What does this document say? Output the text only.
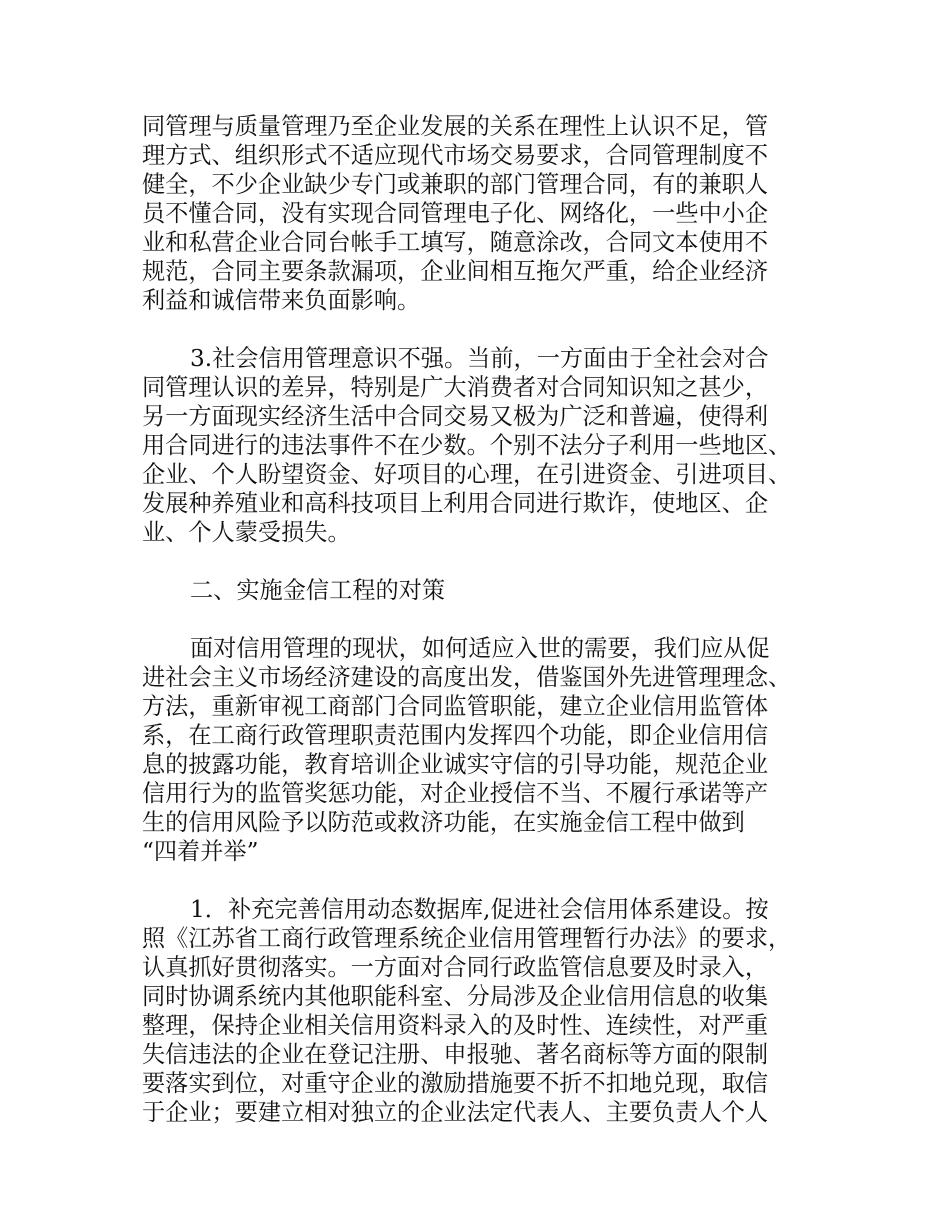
同管理与质量管理乃至企业发展的关系在理性上认识不足，管
理方式、组织形式不适应现代市场交易要求，合同管理制度不
健全，不少企业缺少专门或兼职的部门管理合同，有的兼职人
员不懂合同，没有实现合同管理电子化、网络化，一些中小企
业和私营企业合同台帐手工填写，随意涂改，合同文本使用不
规范，合同主要条款漏项，企业间相互拖欠严重，给企业经济
利益和诚信带来负面影响。
3.社会信用管理意识不强。当前，一方面由于全社会对合
同管理认识的差异，特别是广大消费者对合同知识知之甚少，
另一方面现实经济生活中合同交易又极为广泛和普遍，使得利
用合同进行的违法事件不在少数。个别不法分子利用一些地区、
企业、个人盼望资金、好项目的心理，在引进资金、引进项目、
发展种养殖业和高科技项目上利用合同进行欺诈，使地区、企
业、个人蒙受损失。
二、实施金信工程的对策
面对信用管理的现状，如何适应入世的需要，我们应从促
进社会主义市场经济建设的高度出发，借鉴国外先进管理理念、
方法，重新审视工商部门合同监管职能，建立企业信用监管体
系，在工商行政管理职责范围内发挥四个功能，即企业信用信
息的披露功能，教育培训企业诚实守信的引导功能，规范企业
信用行为的监管奖惩功能，对企业授信不当、不履行承诺等产
生的信用风险予以防范或救济功能，在实施金信工程中做到
“四着并举”
1．补充完善信用动态数据库,促进社会信用体系建设。按
照《江苏省工商行政管理系统企业信用管理暂行办法》的要求，
认真抓好贯彻落实。一方面对合同行政监管信息要及时录入，
同时协调系统内其他职能科室、分局涉及企业信用信息的收集
整理，保持企业相关信用资料录入的及时性、连续性，对严重
失信违法的企业在登记注册、申报驰、著名商标等方面的限制
要落实到位，对重守企业的激励措施要不折不扣地兑现，取信
于企业；要建立相对独立的企业法定代表人、主要负责人个人
